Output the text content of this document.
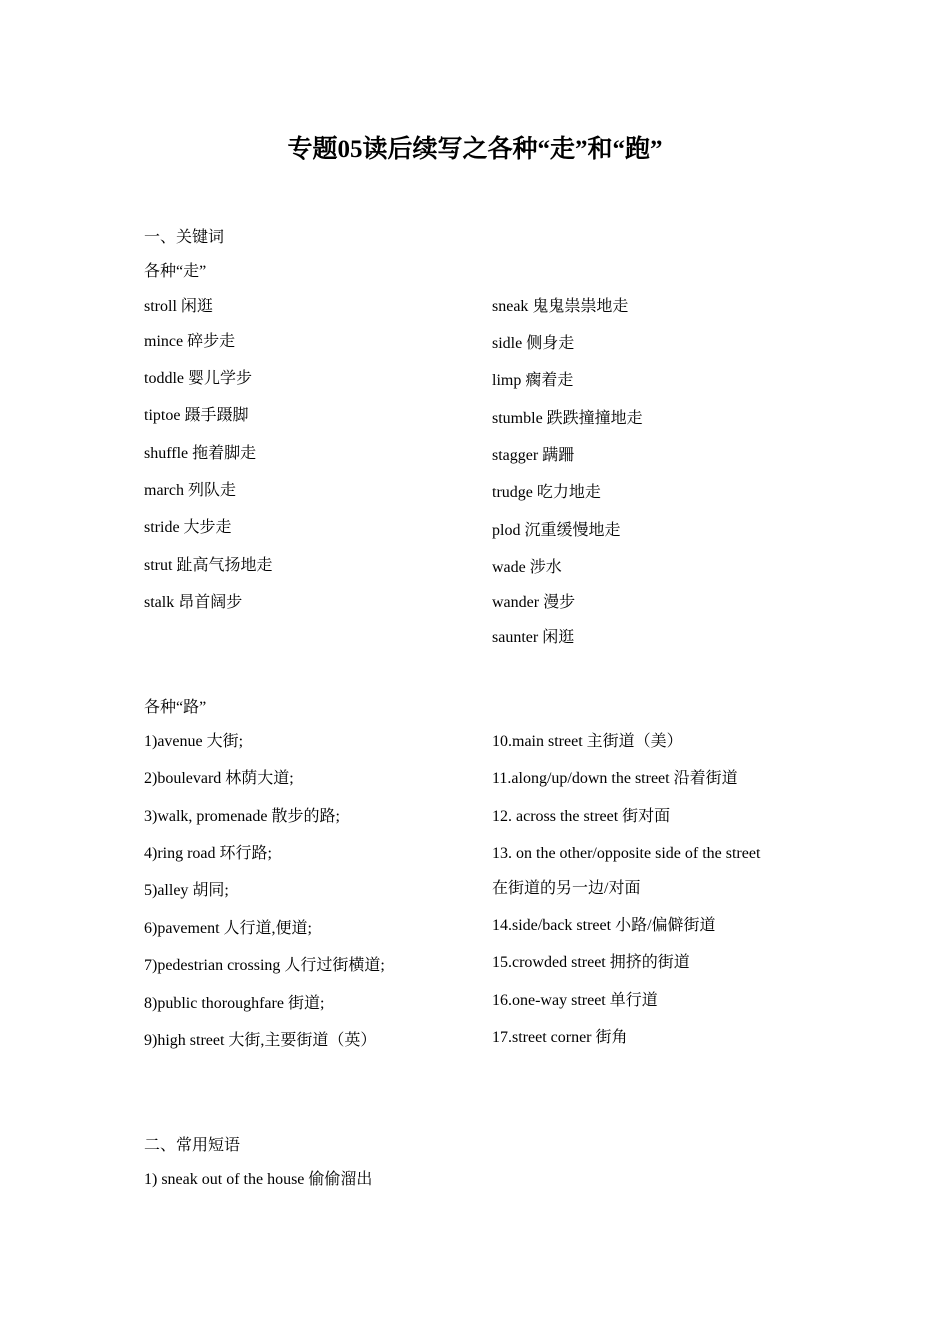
专题05读后续写之各种“走”和“跑”
一、关键词
各种“走”
stroll 闲逛
mince 碎步走
toddle 婴儿学步
tiptoe 蹑手蹑脚
shuffle 拖着脚走
march 列队走
stride 大步走
strut 趾高气扬地走
stalk 昂首阔步
sneak 鬼鬼祟祟地走
sidle 侧身走
limp 瘸着走
stumble 跌跌撞撞地走
stagger 蹒跚
trudge 吃力地走
plod 沉重缓慢地走
wade 涉水
wander 漫步
saunter 闲逛
各种“路”
1)avenue 大街;
2)boulevard 林荫大道;
3)walk, promenade 散步的路;
4)ring road 环行路;
5)alley 胡同;
6)pavement 人行道,便道;
7)pedestrian crossing 人行过街横道;
8)public thoroughfare 街道;
9)high street 大街,主要街道（英）
10.main street 主街道（美）
11.along/up/down the street 沿着街道
12. across the street 街对面
13. on the other/opposite side of the street
在街道的另一边/对面
14.side/back street 小路/偏僻街道
15.crowded street 拥挤的街道
16.one-way street 单行道
17.street corner 街角
二、常用短语
1) sneak out of the house 偷偷溜出
